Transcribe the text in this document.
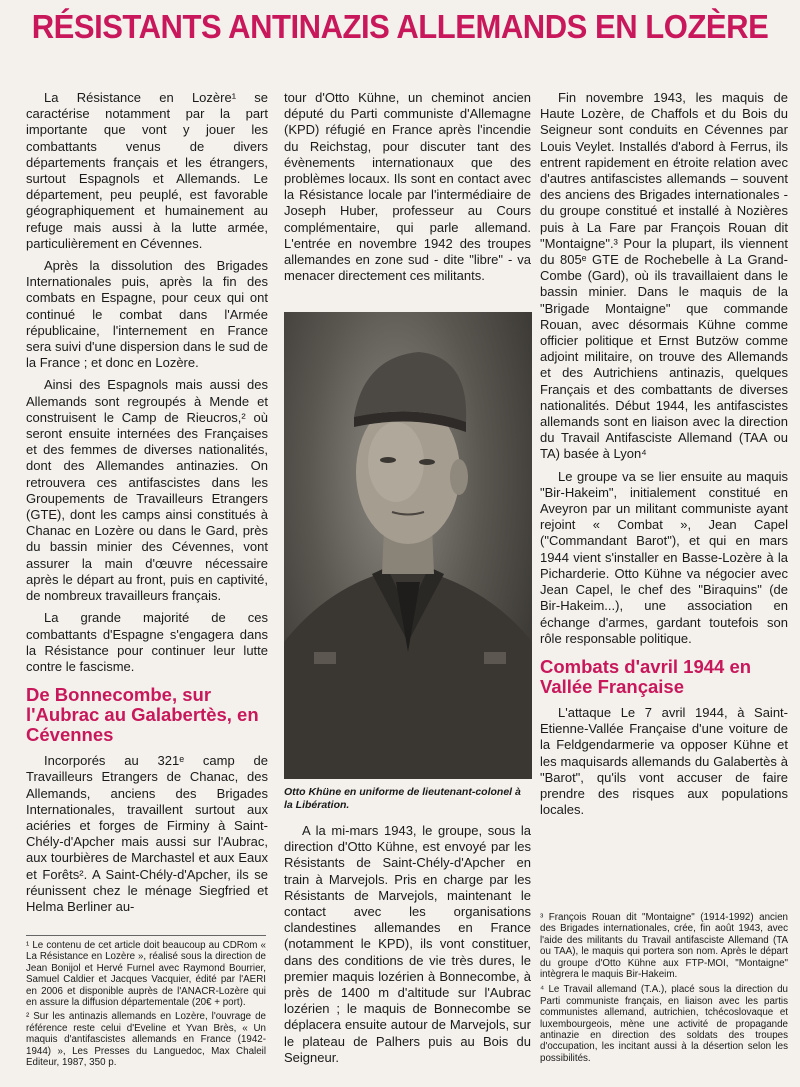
RÉSISTANTS ANTINAZIS ALLEMANDS EN LOZÈRE

La Résistance en Lozère¹ se caractérise notamment par la part importante que vont y jouer les combattants venus de divers départements français et les étrangers, surtout Espagnols et Allemands. Le département, peu peuplé, est favorable géographiquement et humainement au refuge mais aussi à la lutte armée, particulièrement en Cévennes.

Après la dissolution des Brigades Internationales puis, après la fin des combats en Espagne, pour ceux qui ont continué le combat dans l'Armée républicaine, l'internement en France sera suivi d'une dispersion dans le sud de la France ; et donc en Lozère.

Ainsi des Espagnols mais aussi des Allemands sont regroupés à Mende et construisent le Camp de Rieucros,² où seront ensuite internées des Françaises et des femmes de diverses nationalités, dont des Allemandes antinazies. On retrouvera ces antifascistes dans les Groupements de Travailleurs Etrangers (GTE), dont les camps ainsi constitués à Chanac en Lozère ou dans le Gard, près du bassin minier des Cévennes, vont assurer la main d'œuvre nécessaire après le départ au front, puis en captivité, de nombreux travailleurs français.

La grande majorité de ces combattants d'Espagne s'engagera dans la Résistance pour continuer leur lutte contre le fascisme.

De Bonnecombe, sur l'Aubrac au Galabertès, en Cévennes

Incorporés au 321ᵉ camp de Travailleurs Etrangers de Chanac, des Allemands, anciens des Brigades Internationales, travaillent surtout aux aciéries et forges de Firminy à Saint-Chély-d'Apcher mais aussi sur l'Aubrac, aux tourbières de Marchastel et aux Eaux et Forêts². A Saint-Chély-d'Apcher, ils se réunissent chez le ménage Siegfried et Helma Berliner au-

¹ Le contenu de cet article doit beaucoup au CDRom « La Résistance en Lozère », réalisé sous la direction de Jean Bonijol et Hervé Furnel avec Raymond Bourrier, Samuel Caldier et Jacques Vacquier, édité par l'AERI en 2006 et disponible auprès de l'ANACR-Lozère qui en assure la diffusion départementale (20€ + port).

² Sur les antinazis allemands en Lozère, l'ouvrage de référence reste celui d'Eveline et Yvan Brès, « Un maquis d'antifascistes allemands en France (1942-1944) », Les Presses du Languedoc, Max Chaleil Editeur, 1987, 350 p.

tour d'Otto Kühne, un cheminot ancien député du Parti communiste d'Allemagne (KPD) réfugié en France après l'incendie du Reichstag, pour discuter tant des évènements internationaux que des problèmes locaux. Ils sont en contact avec la Résistance locale par l'intermédiaire de Joseph Huber, professeur au Cours complémentaire, qui parle allemand. L'entrée en novembre 1942 des troupes allemandes en zone sud - dite "libre" - va menacer directement ces militants.

Otto Khüne en uniforme de lieutenant-colonel à la Libération.

A la mi-mars 1943, le groupe, sous la direction d'Otto Kühne, est envoyé par les Résistants de Saint-Chély-d'Apcher en train à Marvejols. Pris en charge par les Résistants de Marvejols, maintenant le contact avec les organisations clandestines allemandes en France (notamment le KPD), ils vont constituer, dans des conditions de vie très dures, le premier maquis lozérien à Bonnecombe, à près de 1400 m d'altitude sur l'Aubrac lozérien ; le maquis de Bonnecombe se déplacera ensuite autour de Marvejols, sur le plateau de Palhers puis au Bois du Seigneur.

Fin novembre 1943, les maquis de Haute Lozère, de Chaffols et du Bois du Seigneur sont conduits en Cévennes par Louis Veylet. Installés d'abord à Ferrus, ils entrent rapidement en étroite relation avec d'autres antifascistes allemands – souvent des anciens des Brigades internationales - du groupe constitué et installé à Nozières puis à La Fare par François Rouan dit "Montaigne".³ Pour la plupart, ils viennent du 805ᵉ GTE de Rochebelle à La Grand-Combe (Gard), où ils travaillaient dans le bassin minier. Dans le maquis de la "Brigade Montaigne" que commande Rouan, avec désormais Kühne comme officier politique et Ernst Butzöw comme adjoint militaire, on trouve des Allemands et des Autrichiens antinazis, quelques Français et des combattants de diverses nationalités. Début 1944, les antifascistes allemands sont en liaison avec la direction du Travail Antifasciste Allemand (TAA ou TA) basée à Lyon⁴

Le groupe va se lier ensuite au maquis "Bir-Hakeim", initialement constitué en Aveyron par un militant communiste ayant rejoint « Combat », Jean Capel ("Commandant Barot"), et qui en mars 1944 vient s'installer en Basse-Lozère à la Picharderie. Otto Kühne va négocier avec Jean Capel, le chef des "Biraquins" (de Bir-Hakeim...), une association en échange d'armes, gardant toutefois son rôle responsable politique.

Combats d'avril 1944 en Vallée Française

L'attaque Le 7 avril 1944, à Saint-Etienne-Vallée Française d'une voiture de la Feldgendarmerie va opposer Kühne et les maquisards allemands du Galabertès à "Barot", qu'ils vont accuser de faire prendre des risques aux populations locales.

³ François Rouan dit "Montaigne" (1914-1992) ancien des Brigades internationales, crée, fin août 1943, avec l'aide des militants du Travail antifasciste Allemand (TA ou TAA), le maquis qui portera son nom. Après le départ du groupe d'Otto Kühne aux FTP-MOI, "Montaigne" intègrera le maquis Bir-Hakeim.

⁴ Le Travail allemand (T.A.), placé sous la direction du Parti communiste français, en liaison avec les partis communistes allemand, autrichien, tchécoslovaque et luxembourgeois, mène une activité de propagande antinazie en direction des soldats des troupes d'occupation, les incitant aussi à la désertion selon les possibilités.
